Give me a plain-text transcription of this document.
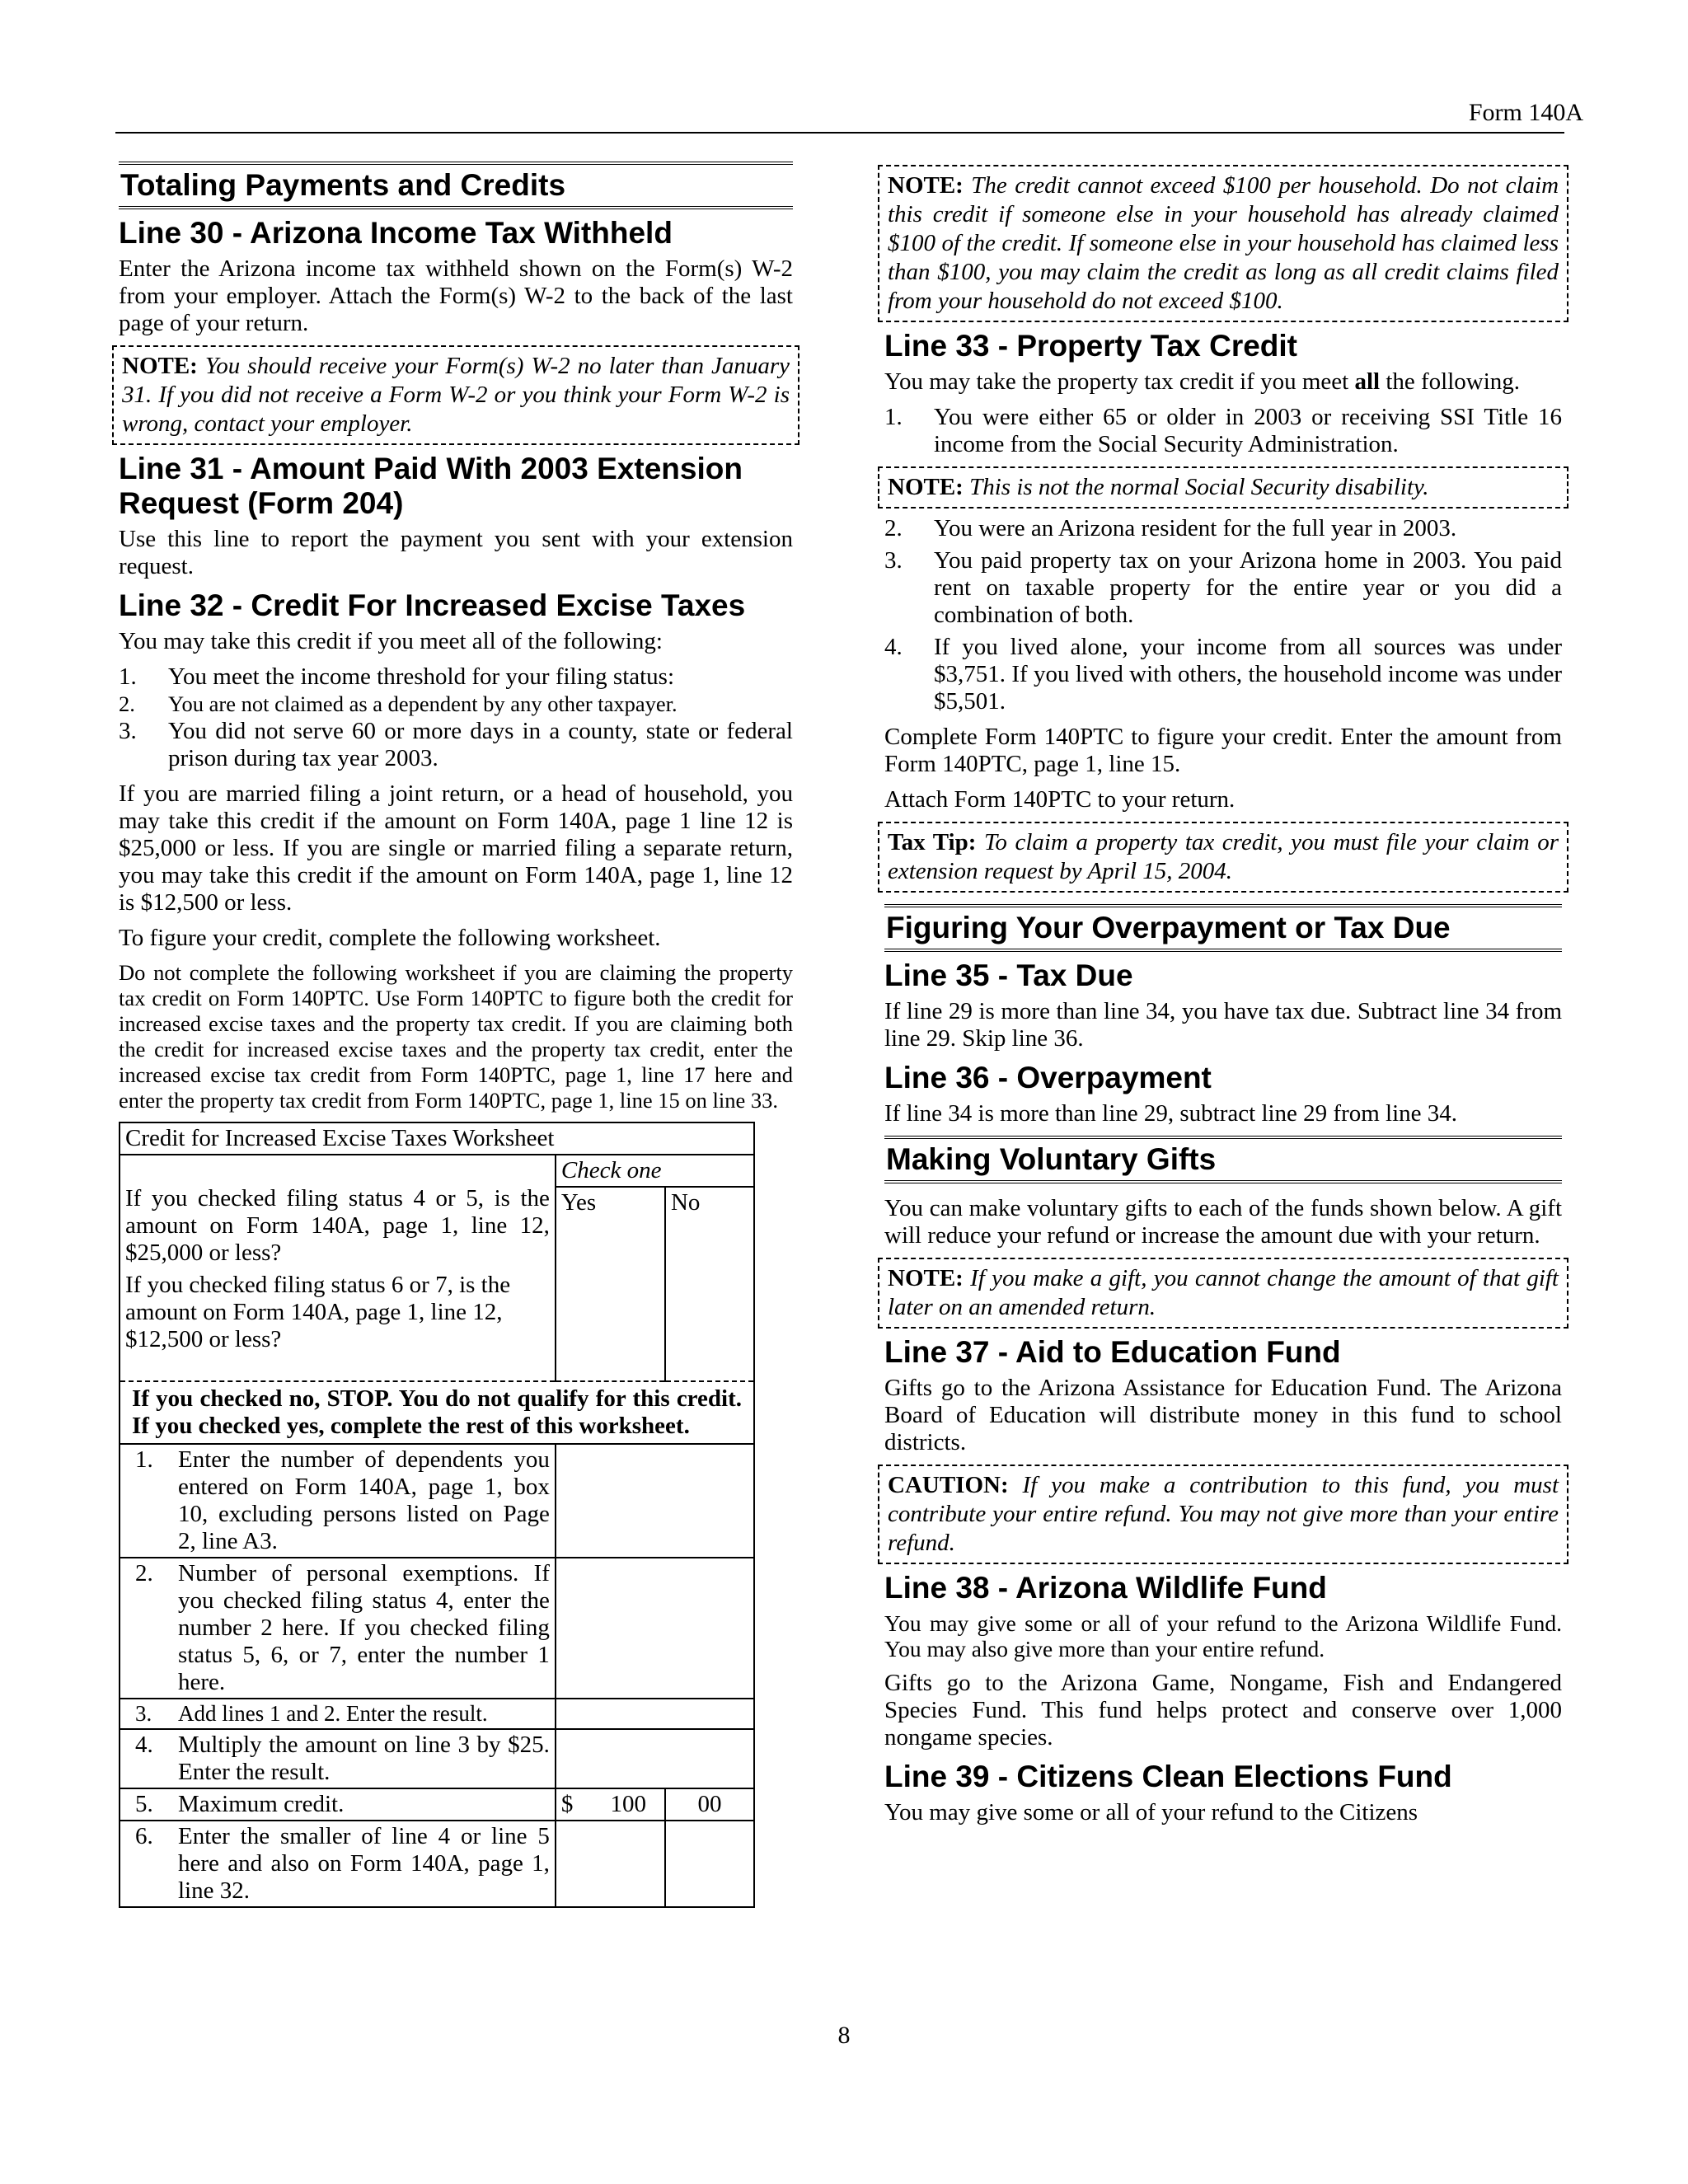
Form 140A
Totaling Payments and Credits
Line 30 - Arizona Income Tax Withheld

Enter the Arizona income tax withheld shown on the Form(s) W-2 from your employer. Attach the Form(s) W-2 to the back of the last page of your return.

NOTE: You should receive your Form(s) W-2 no later than January 31. If you did not receive a Form W-2 or you think your Form W-2 is wrong, contact your employer.
Line 31 - Amount Paid With 2003 Extension Request (Form 204)

Use this line to report the payment you sent with your extension request.

Line 32 - Credit For Increased Excise Taxes

You may take this credit if you meet all of the following:

1. You meet the income threshold for your filing status:
2. You are not claimed as a dependent by any other taxpayer.
3. You did not serve 60 or more days in a county, state or federal prison during tax year 2003.

If you are married filing a joint return, or a head of household, you may take this credit if the amount on Form 140A, page 1 line 12 is $25,000 or less. If you are single or married filing a separate return, you may take this credit if the amount on Form 140A, page 1, line 12 is $12,500 or less.

To figure your credit, complete the following worksheet.

Do not complete the following worksheet if you are claiming the property tax credit on Form 140PTC. Use Form 140PTC to figure both the credit for increased excise taxes and the property tax credit. If you are claiming both the credit for increased excise taxes and the property tax credit, enter the increased excise tax credit from Form 140PTC, page 1, line 17 here and enter the property tax credit from Form 140PTC, page 1, line 15 on line 33.

Credit for Increased Excise Taxes Worksheet		

If you checked filing status 4 or 5, is the amount on Form 140A, page 1, line 12, $25,000 or less?
If you checked filing status 6 or 7, is the amount on Form 140A, page 1, line 12, $12,500 or less?	Check one	
	Yes	No
If you checked no, STOP. You do not qualify for this credit. If you checked yes, complete the rest of this worksheet.		

1. Enter the number of dependents you entered on Form 140A, page 1, box 10, excluding persons listed on Page 2, line A3.		

2. Number of personal exemptions. If you checked filing status 4, enter the number 2 here. If you checked filing status 5, 6, or 7, enter the number 1 here.		

3. Add lines 1 and 2. Enter the result.		

4. Multiply the amount on line 3 by $25. Enter the result.		

5. Maximum credit.	$ 100	00

6. Enter the smaller of line 4 or line 5 here and also on Form 140A, page 1, line 32.		
NOTE: The credit cannot exceed $100 per household. Do not claim this credit if someone else in your household has already claimed $100 of the credit. If someone else in your household has claimed less than $100, you may claim the credit as long as all credit claims filed from your household do not exceed $100.
Line 33 - Property Tax Credit

You may take the property tax credit if you meet all the following.

1. You were either 65 or older in 2003 or receiving SSI Title 16 income from the Social Security Administration.
NOTE: This is not the normal Social Security disability.
2. You were an Arizona resident for the full year in 2003.
3. You paid property tax on your Arizona home in 2003. You paid rent on taxable property for the entire year or you did a combination of both.
4. If you lived alone, your income from all sources was under $3,751. If you lived with others, the household income was under $5,501.

Complete Form 140PTC to figure your credit. Enter the amount from Form 140PTC, page 1, line 15.

Attach Form 140PTC to your return.

Tax Tip: To claim a property tax credit, you must file your claim or extension request by April 15, 2004.
Figuring Your Overpayment or Tax Due
Line 35 - Tax Due

If line 29 is more than line 34, you have tax due. Subtract line 34 from line 29. Skip line 36.

Line 36 - Overpayment

If line 34 is more than line 29, subtract line 29 from line 34.

Making Voluntary Gifts

You can make voluntary gifts to each of the funds shown below. A gift will reduce your refund or increase the amount due with your return.

NOTE: If you make a gift, you cannot change the amount of that gift later on an amended return.
Line 37 - Aid to Education Fund

Gifts go to the Arizona Assistance for Education Fund. The Arizona Board of Education will distribute money in this fund to school districts.

CAUTION: If you make a contribution to this fund, you must contribute your entire refund. You may not give more than your entire refund.
Line 38 - Arizona Wildlife Fund

You may give some or all of your refund to the Arizona Wildlife Fund. You may also give more than your entire refund.

Gifts go to the Arizona Game, Nongame, Fish and Endangered Species Fund. This fund helps protect and conserve over 1,000 nongame species.

Line 39 - Citizens Clean Elections Fund

You may give some or all of your refund to the Citizens

8
